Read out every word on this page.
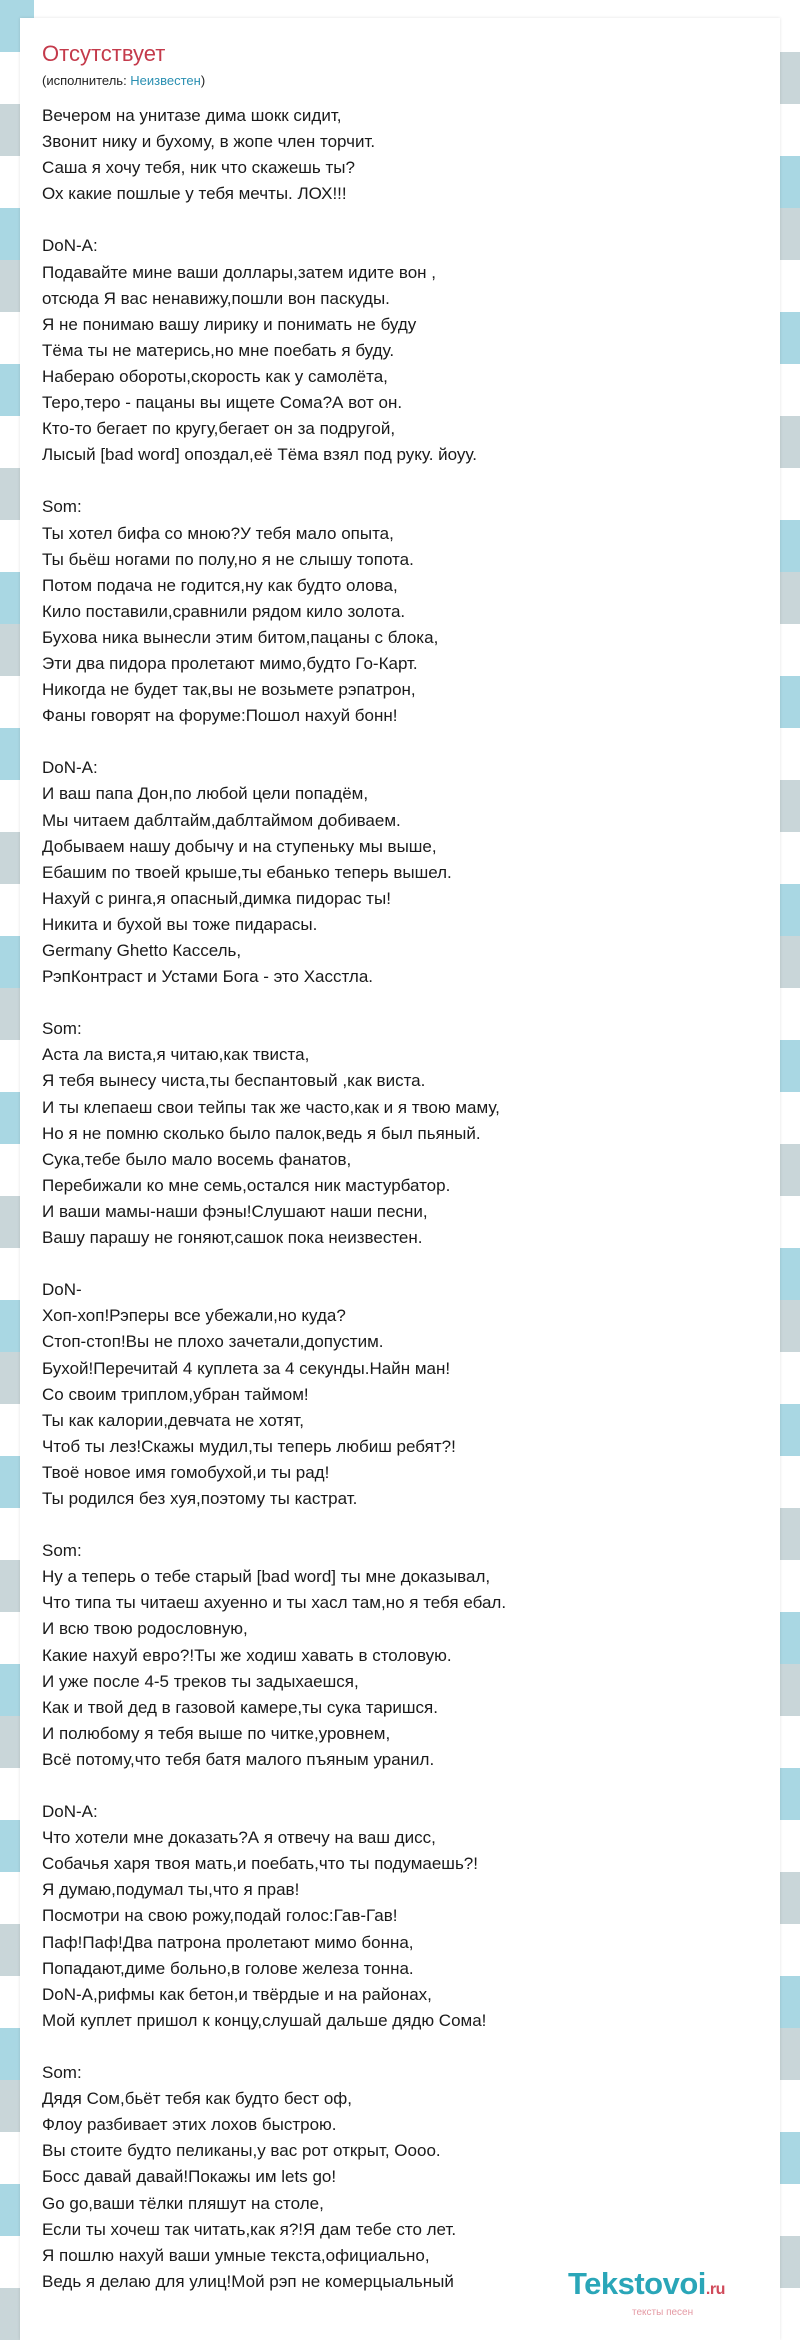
Отсутствует
(исполнитель: Неизвестен)
Вечером на унитазе дима шокк сидит,
Звонит нику и бухому, в жопе член торчит.
Саша я хочу тебя, ник что скажешь ты?
Ох какие пошлые у тебя мечты. ЛОХ!!!

DoN-A:
Подавайте мине ваши доллары,затем идите вон ,
отсюда Я вас ненавижу,пошли вон паскуды.
Я не понимаю вашу лирику и понимать не буду
Тёма ты не матерись,но мне поебать я буду.
Набераю обороты,скорость как у самолёта,
Теро,теро - пацаны вы ищете Сома?А вот он.
Кто-то бегает по кругу,бегает он за подругой,
Лысый [bad word] опоздал,её Тёма взял под руку. йоуу.

Som:
Ты хотел бифа со мною?У тебя мало опыта,
Ты бьёш ногами по полу,но я не слышу топота.
Потом подача не годится,ну как будто олова,
Кило поставили,сравнили рядом кило золота.
Бухова ника вынесли этим битом,пацаны с блока,
Эти два пидора пролетают мимо,будто Го-Карт.
Никогда не будет так,вы не возьмете рэпатрон,
Фаны говорят на форуме:Пошол нахуй бонн!

DoN-A:
И ваш папа Дон,по любой цели попадём,
Мы читаем даблтайм,даблтаймом добиваем.
Добываем нашу добычу и на ступеньку мы выше,
Ебашим по твоей крыше,ты ебанько теперь вышел.
Нахуй с ринга,я опасный,димка пидорас ты!
Никита и бухой вы тоже пидарасы.
Germany Ghetto Кассель,
РэпКонтраст и Устами Бога - это Хасстла.

Som:
Аста ла виста,я читаю,как твиста,
Я тебя вынесу чиста,ты беспантовый ,как виста.
И ты клепаеш свои тейпы так же часто,как и я твою маму,
Но я не помню сколько было палок,ведь я был пьяный.
Сука,тебе было мало восемь фанатов,
Перебижали ко мне семь,остался ник мастурбатор.
И ваши мамы-наши фэны!Слушают наши песни,
Вашу парашу не гоняют,сашок пока неизвестен.

DoN-
Хоп-хоп!Рэперы все убежали,но куда?
Стоп-стоп!Вы не плохо зачетали,допустим.
Бухой!Перечитай 4 куплета за 4 секунды.Найн ман!
Со своим триплом,убран таймом!
Ты как калории,девчата не хотят,
Чтоб ты лез!Скажы мудил,ты теперь любиш ребят?!
Твоё новое имя гомобухой,и ты рад!
Ты родился без хуя,поэтому ты кастрат.

Som:
Ну а теперь о тебе старый [bad word] ты мне доказывал,
Что типа ты читаеш ахуенно и ты хасл там,но я тебя ебал.
И всю твою родословную,
Какие нахуй евро?!Ты же ходиш хавать в столовую.
И уже после 4-5 треков ты задыхаешся,
Как и твой дед в газовой камере,ты сука таришся.
И полюбому я тебя выше по читке,уровнем,
Всё потому,что тебя батя малого пъяным уранил.

DoN-A:
Что хотели мне доказать?А я отвечу на ваш дисс,
Собачья харя твоя мать,и поебать,что ты подумаешь?!
Я думаю,подумал ты,что я прав!
Посмотри на свою рожу,подай голос:Гав-Гав!
Паф!Паф!Два патрона пролетают мимо бонна,
Попадают,диме больно,в голове железа тонна.
DoN-A,рифмы как бетон,и твёрдые и на районах,
Мой куплет пришол к концу,слушай дальше дядю Сома!

Som:
Дядя Сом,бьёт тебя как будто бест оф,
Флоу разбивает этих лохов быстрою.
Вы стоите будто пеликаны,у вас рот открыт, Оооо.
Босс давай давай!Покажы им lets go!
Go go,ваши тёлки пляшут на столе,
Если ты хочеш так читать,как я?!Я дам тебе сто лет.
Я пошлю нахуй ваши умные текста,официально,
Ведь я делаю для улиц!Мой рэп не комерцыальный	Tekstovoi.ru
тексты песен
